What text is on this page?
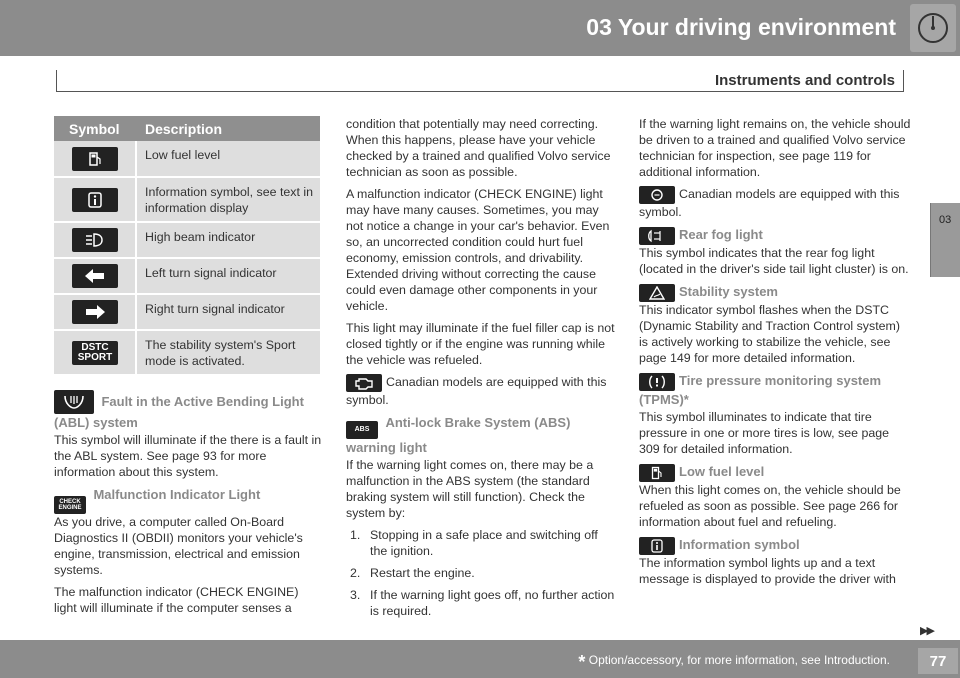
03 Your driving environment
Instruments and controls
03
Symbol	Description

	Low fuel level

	Information symbol, see text in information display

	High beam indicator

	Left turn signal indicator

	Right turn signal indicator

DSTC
SPORT	The stability system's Sport mode is activated.
Fault in the Active Bending Light
(ABL) system

This symbol will illuminate if the there is a fault in the ABL system. See page 93 for more information about this system.

CHECK
ENGINE
Malfunction Indicator Light

As you drive, a computer called On-Board Diagnostics II (OBDII) monitors your vehicle's engine, transmission, electrical and emission systems.

The malfunction indicator (CHECK ENGINE) light will illuminate if the computer senses a

condition that potentially may need correcting. When this happens, please have your vehicle checked by a trained and qualified Volvo service technician as soon as possible.

A malfunction indicator (CHECK ENGINE) light may have many causes. Sometimes, you may not notice a change in your car's behavior. Even so, an uncorrected condition could hurt fuel economy, emission controls, and drivability. Extended driving without correcting the cause could even damage other components in your vehicle.

This light may illuminate if the fuel filler cap is not closed tightly or if the engine was running while the vehicle was refueled.

Canadian models are equipped with this symbol.

ABS Anti-lock Brake System (ABS)
warning light

If the warning light comes on, there may be a malfunction in the ABS system (the standard braking system will still function). Check the system by:

1. Stopping in a safe place and switching off the ignition.
2. Restart the engine.
3. If the warning light goes off, no further action is required.

If the warning light remains on, the vehicle should be driven to a trained and qualified Volvo service technician for inspection, see page 119 for additional information.

Canadian models are equipped with this symbol.

Rear fog light

This symbol indicates that the rear fog light (located in the driver's side tail light cluster) is on.

Stability system

This indicator symbol flashes when the DSTC (Dynamic Stability and Traction Control system) is actively working to stabilize the vehicle, see page 149 for more detailed information.

Tire pressure monitoring system
(TPMS)*

This symbol illuminates to indicate that tire pressure in one or more tires is low, see page 309 for detailed information.

Low fuel level

When this light comes on, the vehicle should be refueled as soon as possible. See page 266 for information about fuel and refueling.

Information symbol

The information symbol lights up and a text message is displayed to provide the driver with

▶▶
* Option/accessory, for more information, see Introduction.	77
